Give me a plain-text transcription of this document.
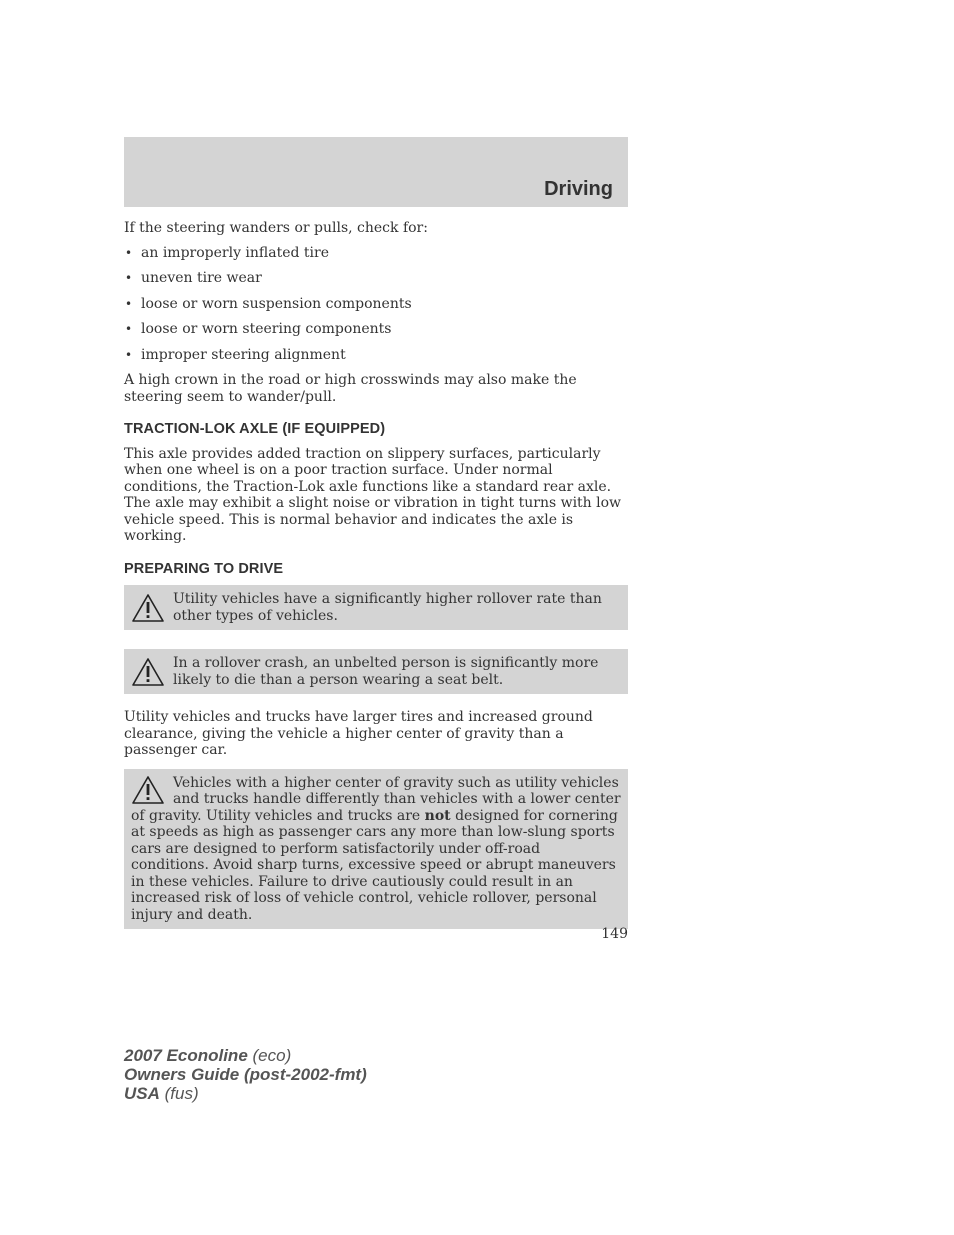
Driving

If the steering wanders or pulls, check for:

• an improperly inflated tire
• uneven tire wear
• loose or worn suspension components
• loose or worn steering components
• improper steering alignment

A high crown in the road or high crosswinds may also make the steering seem to wander/pull.

TRACTION-LOK AXLE (IF EQUIPPED)

This axle provides added traction on slippery surfaces, particularly when one wheel is on a poor traction surface. Under normal conditions, the Traction-Lok axle functions like a standard rear axle. The axle may exhibit a slight noise or vibration in tight turns with low vehicle speed. This is normal behavior and indicates the axle is working.

PREPARING TO DRIVE
Utility vehicles have a significantly higher rollover rate than other types of vehicles.
In a rollover crash, an unbelted person is significantly more likely to die than a person wearing a seat belt.

Utility vehicles and trucks have larger tires and increased ground clearance, giving the vehicle a higher center of gravity than a passenger car.

Vehicles with a higher center of gravity such as utility vehicles and trucks handle differently than vehicles with a lower center of gravity. Utility vehicles and trucks are not designed for cornering at speeds as high as passenger cars any more than low-slung sports cars are designed to perform satisfactorily under off-road conditions. Avoid sharp turns, excessive speed or abrupt maneuvers in these vehicles. Failure to drive cautiously could result in an increased risk of loss of vehicle control, vehicle rollover, personal injury and death.
149
2007 Econoline (eco)
Owners Guide (post-2002-fmt)
USA (fus)
